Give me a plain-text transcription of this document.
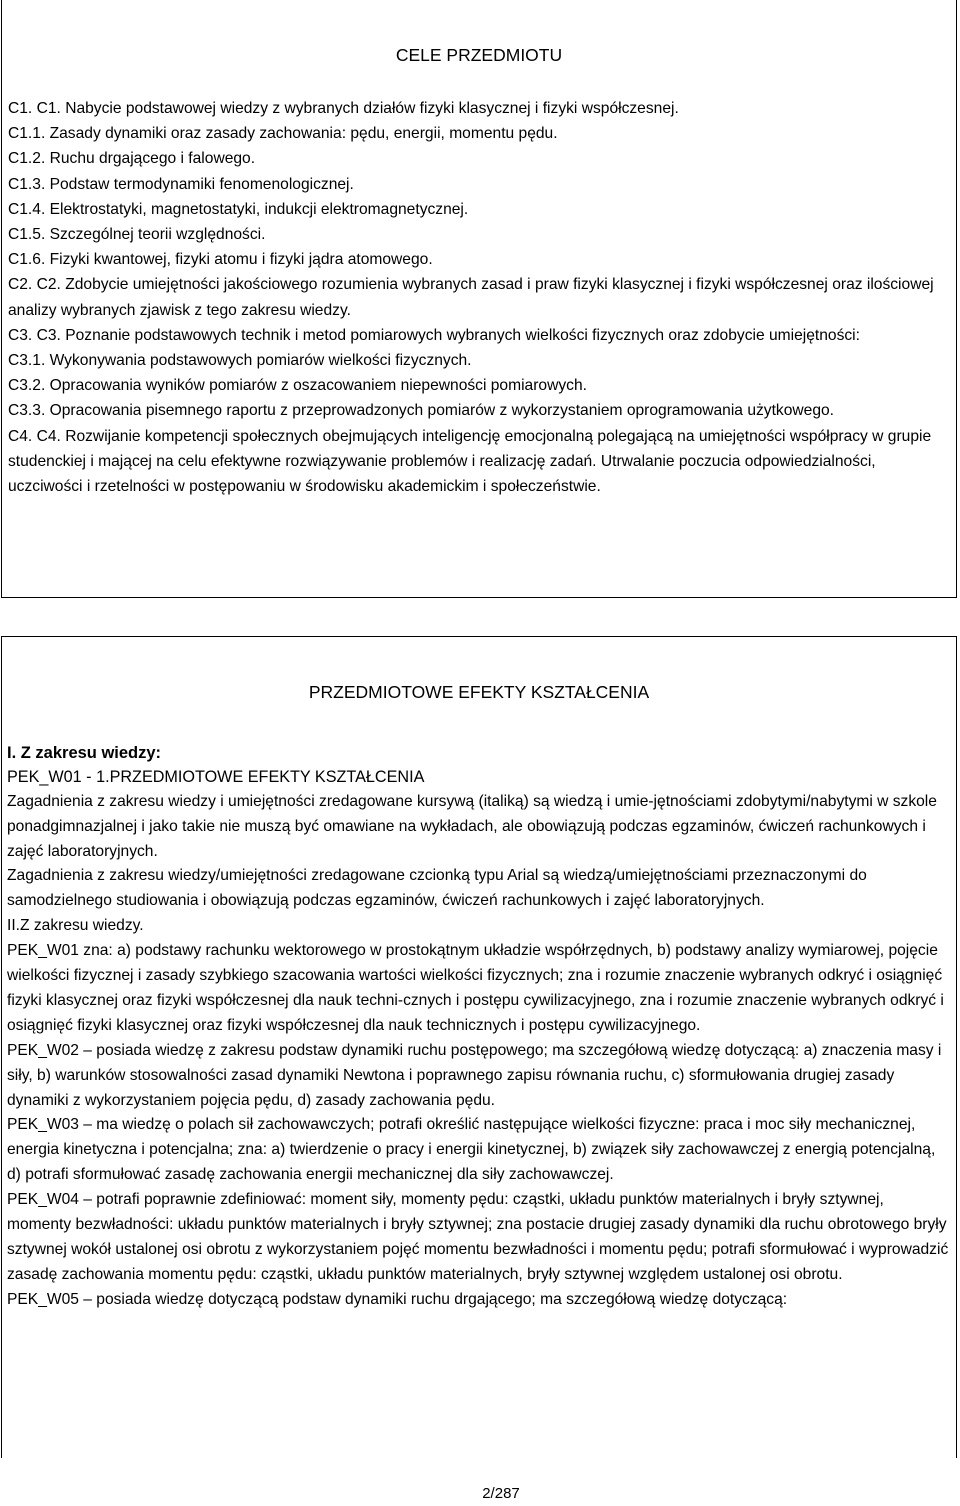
CELE PRZEDMIOTU

C1. C1. Nabycie podstawowej wiedzy z wybranych działów fizyki klasycznej i fizyki współczesnej.

C1.1. Zasady dynamiki oraz zasady zachowania: pędu, energii, momentu pędu.

C1.2. Ruchu drgającego i falowego.

C1.3. Podstaw termodynamiki fenomenologicznej.

C1.4. Elektrostatyki, magnetostatyki, indukcji elektromagnetycznej.

C1.5. Szczególnej teorii względności.

C1.6. Fizyki kwantowej, fizyki atomu i fizyki jądra atomowego.

C2. C2. Zdobycie umiejętności jakościowego rozumienia wybranych zasad i praw fizyki klasycznej i fizyki współczesnej oraz ilościowej analizy wybranych zjawisk z tego zakresu wiedzy.

C3. C3. Poznanie podstawowych technik i metod pomiarowych wybranych wielkości fizycznych oraz zdobycie umiejętności:

C3.1. Wykonywania podstawowych pomiarów wielkości fizycznych.

C3.2. Opracowania wyników pomiarów z oszacowaniem niepewności pomiarowych.

C3.3. Opracowania pisemnego raportu z przeprowadzonych pomiarów z wykorzystaniem oprogramowania użytkowego.

C4. C4. Rozwijanie kompetencji społecznych obejmujących inteligencję emocjonalną polegającą na umiejętności współpracy w grupie studenckiej i mającej na celu efektywne rozwiązywanie problemów i realizację zadań. Utrwalanie poczucia odpowiedzialności, uczciwości i rzetelności w postępowaniu w środowisku akademickim i społeczeństwie.

PRZEDMIOTOWE EFEKTY KSZTAŁCENIA

I. Z zakresu wiedzy:

PEK_W01 - 1.PRZEDMIOTOWE EFEKTY KSZTAŁCENIA

Zagadnienia z zakresu wiedzy i umiejętności zredagowane kursywą (italiką) są wiedzą i umie-jętnościami zdobytymi/nabytymi w szkole ponadgimnazjalnej i jako takie nie muszą być omawiane na wykładach, ale obowiązują podczas egzaminów, ćwiczeń rachunkowych i zajęć laboratoryjnych.

Zagadnienia z zakresu wiedzy/umiejętności zredagowane czcionką typu Arial są wiedzą/umiejętnościami przeznaczonymi do samodzielnego studiowania i obowiązują podczas egzaminów, ćwiczeń rachunkowych i zajęć laboratoryjnych.

II.Z zakresu wiedzy.

PEK_W01 zna: a) podstawy rachunku wektorowego w prostokątnym układzie współrzędnych, b) podstawy analizy wymiarowej, pojęcie wielkości fizycznej i zasady szybkiego szacowania wartości wielkości fizycznych; zna i rozumie znaczenie wybranych odkryć i osiągnięć fizyki klasycznej oraz fizyki współczesnej dla nauk techni-cznych i postępu cywilizacyjnego, zna i rozumie znaczenie wybranych odkryć i osiągnięć fizyki klasycznej oraz fizyki współczesnej dla nauk technicznych i postępu cywilizacyjnego.

PEK_W02 – posiada wiedzę z zakresu podstaw dynamiki ruchu postępowego; ma szczegółową wiedzę dotyczącą: a) znaczenia masy i siły, b) warunków stosowalności zasad dynamiki Newtona i poprawnego zapisu równania ruchu, c) sformułowania drugiej zasady dynamiki z wykorzystaniem pojęcia pędu, d) zasady zachowania pędu.

PEK_W03 – ma wiedzę o polach sił zachowawczych; potrafi określić następujące wielkości fizyczne: praca i moc siły mechanicznej, energia kinetyczna i potencjalna; zna: a) twierdzenie o pracy i energii kinetycznej, b) związek siły zachowawczej z energią potencjalną, d) potrafi sformułować zasadę zachowania energii mechanicznej dla siły zachowawczej.

PEK_W04 – potrafi poprawnie zdefiniować: moment siły, momenty pędu: cząstki, układu punktów materialnych i bryły sztywnej, momenty bezwładności: układu punktów materialnych i bryły sztywnej; zna postacie drugiej zasady dynamiki dla ruchu obrotowego bryły sztywnej wokół ustalonej osi obrotu z wykorzystaniem pojęć momentu bezwładności i momentu pędu; potrafi sformułować i wyprowadzić zasadę zachowania momentu pędu: cząstki, układu punktów materialnych, bryły sztywnej względem ustalonej osi obrotu.

PEK_W05 – posiada wiedzę dotyczącą podstaw dynamiki ruchu drgającego; ma szczegółową wiedzę dotyczącą:

2/287
